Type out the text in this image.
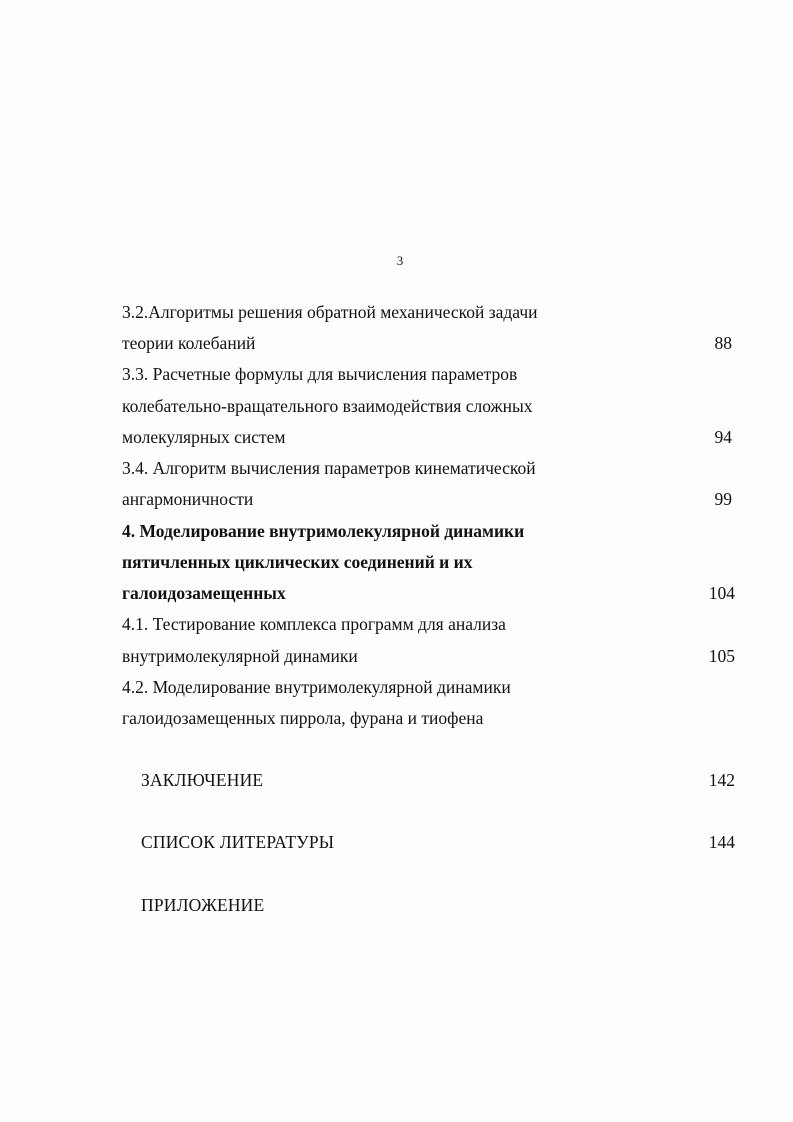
3
3.2.Алгоритмы решения обратной механической задачи
теории колебаний	88
3.3. Расчетные формулы для вычисления параметров
колебательно-вращательного взаимодействия сложных
молекулярных систем	94
3.4. Алгоритм вычисления параметров кинематической
ангармоничности	99
4. Моделирование внутримолекулярной динамики
пятичленных циклических соединений и их
галоидозамещенных	104
4.1. Тестирование комплекса программ для анализа
внутримолекулярной динамики	105
4.2. Моделирование внутримолекулярной динамики
галоидозамещенных пиррола, фурана и тиофена
ЗАКЛЮЧЕНИЕ	142
СПИСОК ЛИТЕРАТУРЫ	144
ПРИЛОЖЕНИЕ
